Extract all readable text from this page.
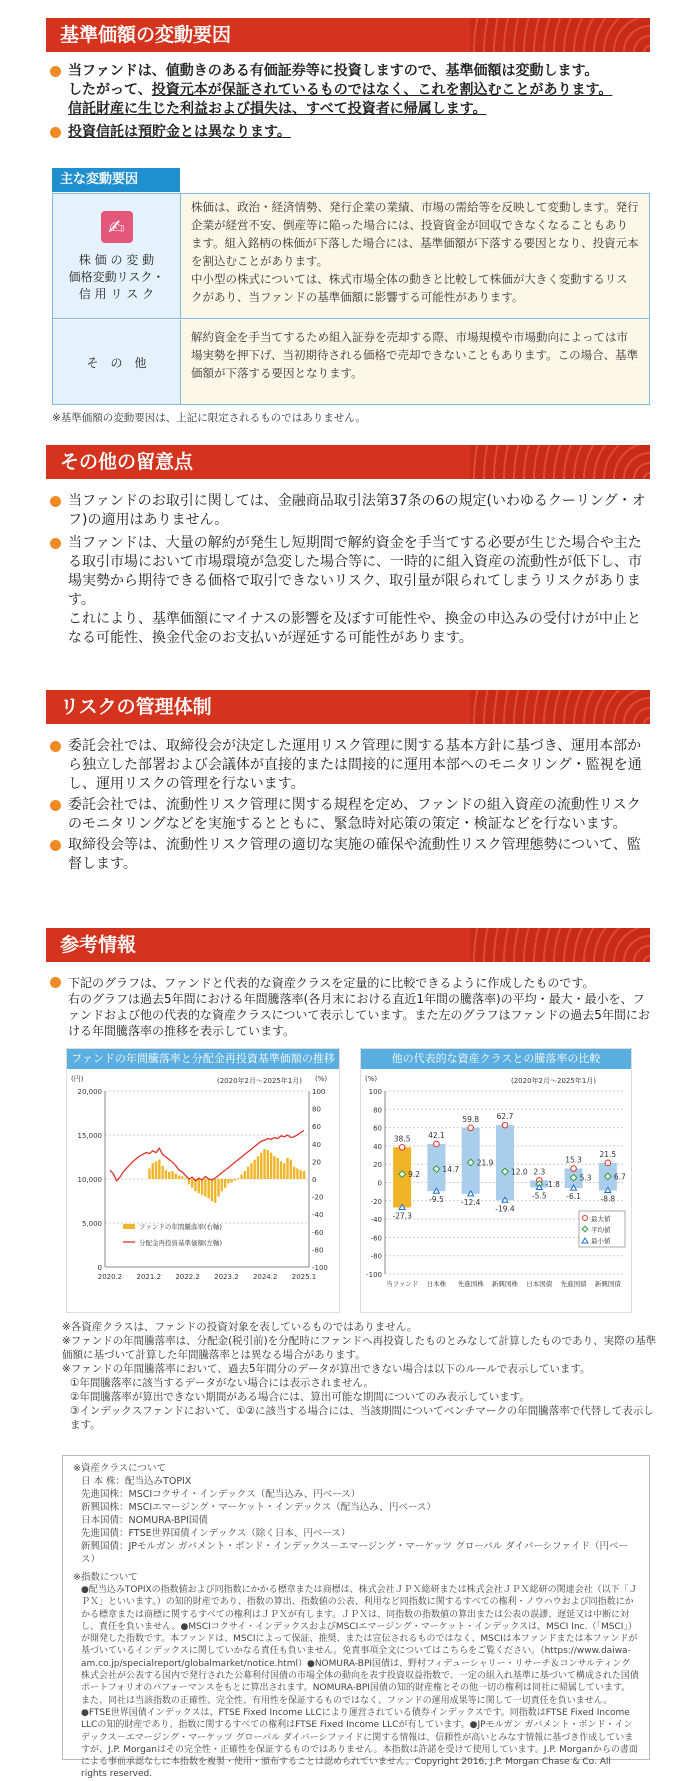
基準価額の変動要因
当ファンドは、値動きのある有価証券等に投資しますので、基準価額は変動します。
したがって、投資元本が保証されているものではなく、これを割込むことがあります。
信託財産に生じた利益および損失は、すべて投資者に帰属します。
投資信託は預貯金とは異なります。
主な変動要因
✍
株 価 の 変 動
価格変動リスク・
信 用 リ ス ク
株価は、政治・経済情勢、発行企業の業績、市場の需給等を反映して変動します。発行企業が経営不安、倒産等に陥った場合には、投資資金が回収できなくなることもあります。組入銘柄の株価が下落した場合には、基準価額が下落する要因となり、投資元本を割込むことがあります。
中小型の株式については、株式市場全体の動きと比較して株価が大きく変動するリスクがあり、当ファンドの基準価額に影響する可能性があります。
そ　の　他
解約資金を手当てするため組入証券を売却する際、市場規模や市場動向によっては市場実勢を押下げ、当初期待される価格で売却できないこともあります。この場合、基準価額が下落する要因となります。
※基準価額の変動要因は、上記に限定されるものではありません。
その他の留意点
当ファンドのお取引に関しては、金融商品取引法第37条の6の規定(いわゆるクーリング・オフ)の適用はありません。
当ファンドは、大量の解約が発生し短期間で解約資金を手当てする必要が生じた場合や主たる取引市場において市場環境が急変した場合等に、一時的に組入資産の流動性が低下し、市場実勢から期待できる価格で取引できないリスク、取引量が限られてしまうリスクがあります。
これにより、基準価額にマイナスの影響を及ぼす可能性や、換金の申込みの受付けが中止となる可能性、換金代金のお支払いが遅延する可能性があります。
リスクの管理体制
委託会社では、取締役会が決定した運用リスク管理に関する基本方針に基づき、運用本部から独立した部署および会議体が直接的または間接的に運用本部へのモニタリング・監視を通し、運用リスクの管理を行ないます。
委託会社では、流動性リスク管理に関する規程を定め、ファンドの組入資産の流動性リスクのモニタリングなどを実施するとともに、緊急時対応策の策定・検証などを行ないます。
取締役会等は、流動性リスク管理の適切な実施の確保や流動性リスク管理態勢について、監督します。
参考情報
下記のグラフは、ファンドと代表的な資産クラスを定量的に比較できるように作成したものです。
右のグラフは過去5年間における年間騰落率(各月末における直近1年間の騰落率)の平均・最大・最小を、ファンドおよび他の代表的な資産クラスについて表示しています。また左のグラフはファンドの過去5年間における年間騰落率の推移を表示しています。
ファンドの年間騰落率と分配金再投資基準価額の推移
(円)	(%)
(2020年2月～2025年1月)
20,000
15,000
10,000
5,000
0
100
80
60
40
20
0
-20
-40
-60
-80
-100
2020.2 2021.2 2022.2 2023.2 2024.2 2025.1
ファンドの年間騰落率(右軸)
分配金再投資基準価額(左軸)
他の代表的な資産クラスとの騰落率の比較
(%)	(2020年2月～2025年1月)
100
80
60
40
20
0
-20
-40
-60
-80
-100
38.5
9.2
-27.3
当ファンド
42.1
14.7
-9.5
日本株
59.8
21.9
-12.4
先進国株
62.7
12.0
-19.4
新興国株
2.3
-1.8
-5.5
日本国債
15.3
5.3
-6.1
先進国債
21.5
6.7
-8.8
新興国債
最大値
平均値
最小値
※各資産クラスは、ファンドの投資対象を表しているものではありません。
※ファンドの年間騰落率は、分配金(税引前)を分配時にファンドへ再投資したものとみなして計算したものであり、実際の基準価額に基づいて計算した年間騰落率とは異なる場合があります。
※ファンドの年間騰落率において、過去5年間分のデータが算出できない場合は以下のルールで表示しています。
①年間騰落率に該当するデータがない場合には表示されません。
②年間騰落率が算出できない期間がある場合には、算出可能な期間についてのみ表示しています。
③インデックスファンドにおいて、①②に該当する場合には、当該期間についてベンチマークの年間騰落率で代替して表示します。
※資産クラスについて
日 本 株：配当込みTOPIX
先進国株：MSCIコクサイ・インデックス（配当込み、円ベース）
新興国株：MSCIエマージング・マーケット・インデックス（配当込み、円ベース）
日本国債：NOMURA-BPI国債
先進国債：FTSE世界国債インデックス（除く日本、円ベース）
新興国債：JPモルガン ガバメント・ボンド・インデックス－エマージング・マーケッツ グローバル ダイバーシファイド（円ベース）
※指数について
●配当込みTOPIXの指数値および同指数にかかる標章または商標は、株式会社ＪＰＸ総研または株式会社ＪＰＸ総研の関連会社（以下「ＪＰＸ」といいます。）の知的財産であり、指数の算出、指数値の公表、利用など同指数に関するすべての権利・ノウハウおよび同指数にかかる標章または商標に関するすべての権利はＪＰＸが有します。ＪＰＸは、同指数の指数値の算出または公表の誤謬、遅延又は中断に対し、責任を負いません。●MSCIコクサイ・インデックスおよびMSCIエマージング・マーケット・インデックスは、MSCI Inc.（「MSCI」）が開発した指数です。本ファンドは、MSCIによって保証、推奨、または宣伝されるものではなく、MSCIは本ファンドまたは本ファンドが基づいているインデックスに関していかなる責任も負いません。免責事項全文についてはこちらをご覧ください。（https://www.daiwa-am.co.jp/specialreport/globalmarket/notice.html）●NOMURA-BPI国債は、野村フィデューシャリー・リサーチ＆コンサルティング株式会社が公表する国内で発行された公募利付国債の市場全体の動向を表す投資収益指数で、一定の組入れ基準に基づいて構成された国債ポートフォリオのパフォーマンスをもとに算出されます。NOMURA-BPI国債の知的財産権とその他一切の権利は同社に帰属しています。また、同社は当該指数の正確性、完全性、有用性を保証するものではなく、ファンドの運用成果等に関して一切責任を負いません。●FTSE世界国債インデックスは、FTSE Fixed Income LLCにより運営されている債券インデックスです。同指数はFTSE Fixed Income LLCの知的財産であり、指数に関するすべての権利はFTSE Fixed Income LLCが有しています。●JPモルガン ガバメント・ボンド・インデックス－エマージング・マーケッツ グローバル ダイバーシファイドに関する情報は、信頼性が高いとみなす情報に基づき作成していますが、J.P. Morganはその完全性・正確性を保証するものではありません。本指数は許諾を受けて使用しています。J.P. Morganからの書面による事前承認なしに本指数を複製・使用・頒布することは認められていません。Copyright 2016, J.P. Morgan Chase & Co. All rights reserved.
